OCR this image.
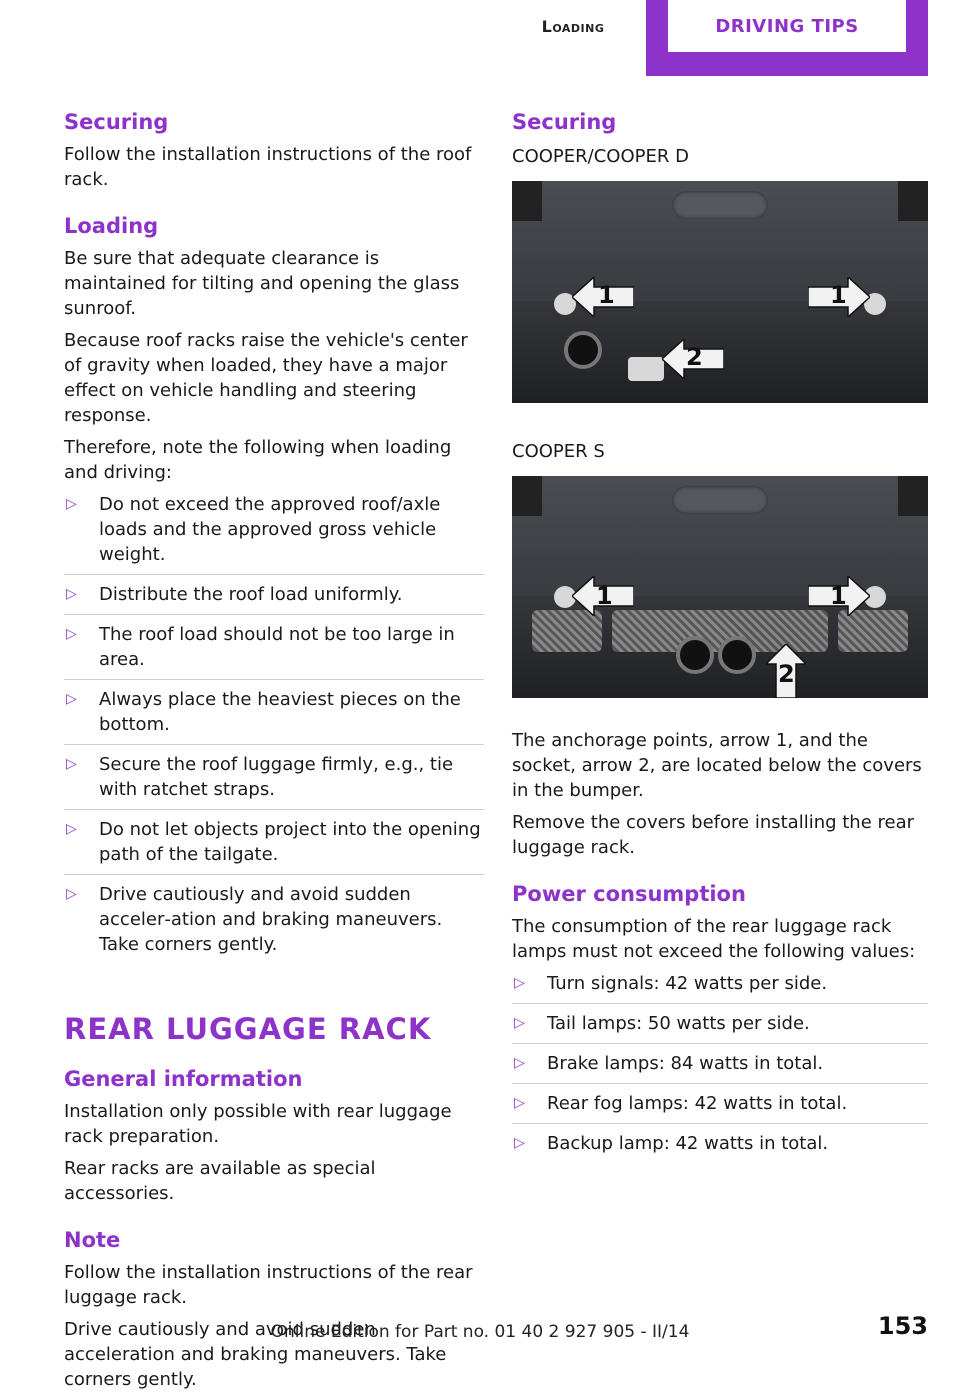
Loading	DRIVING TIPS
Securing

Follow the installation instructions of the roof rack.

Loading

Be sure that adequate clearance is maintained for tilting and opening the glass sunroof.

Because roof racks raise the vehicle's center of gravity when loaded, they have a major effect on vehicle handling and steering response.

Therefore, note the following when loading and driving:

▷ Do not exceed the approved roof/axle loads and the approved gross vehicle weight.
▷ Distribute the roof load uniformly.
▷ The roof load should not be too large in area.
▷ Always place the heaviest pieces on the bottom.
▷ Secure the roof luggage firmly, e.g., tie with ratchet straps.
▷ Do not let objects project into the opening path of the tailgate.
▷ Drive cautiously and avoid sudden acceler‐ation and braking maneuvers. Take corners gently.
REAR LUGGAGE RACK
General information

Installation only possible with rear luggage rack preparation.

Rear racks are available as special accessories.

Note

Follow the installation instructions of the rear luggage rack.

Drive cautiously and avoid sudden acceleration and braking maneuvers. Take corners gently.

Securing
COOPER/COOPER D
1	1
2
COOPER S
1	1
2

The anchorage points, arrow 1, and the socket, arrow 2, are located below the covers in the bumper.

Remove the covers before installing the rear luggage rack.

Power consumption

The consumption of the rear luggage rack lamps must not exceed the following values:

▷ Turn signals: 42 watts per side.
▷ Tail lamps: 50 watts per side.
▷ Brake lamps: 84 watts in total.
▷ Rear fog lamps: 42 watts in total.
▷ Backup lamp: 42 watts in total.
153
Online Edition for Part no. 01 40 2 927 905 - II/14
